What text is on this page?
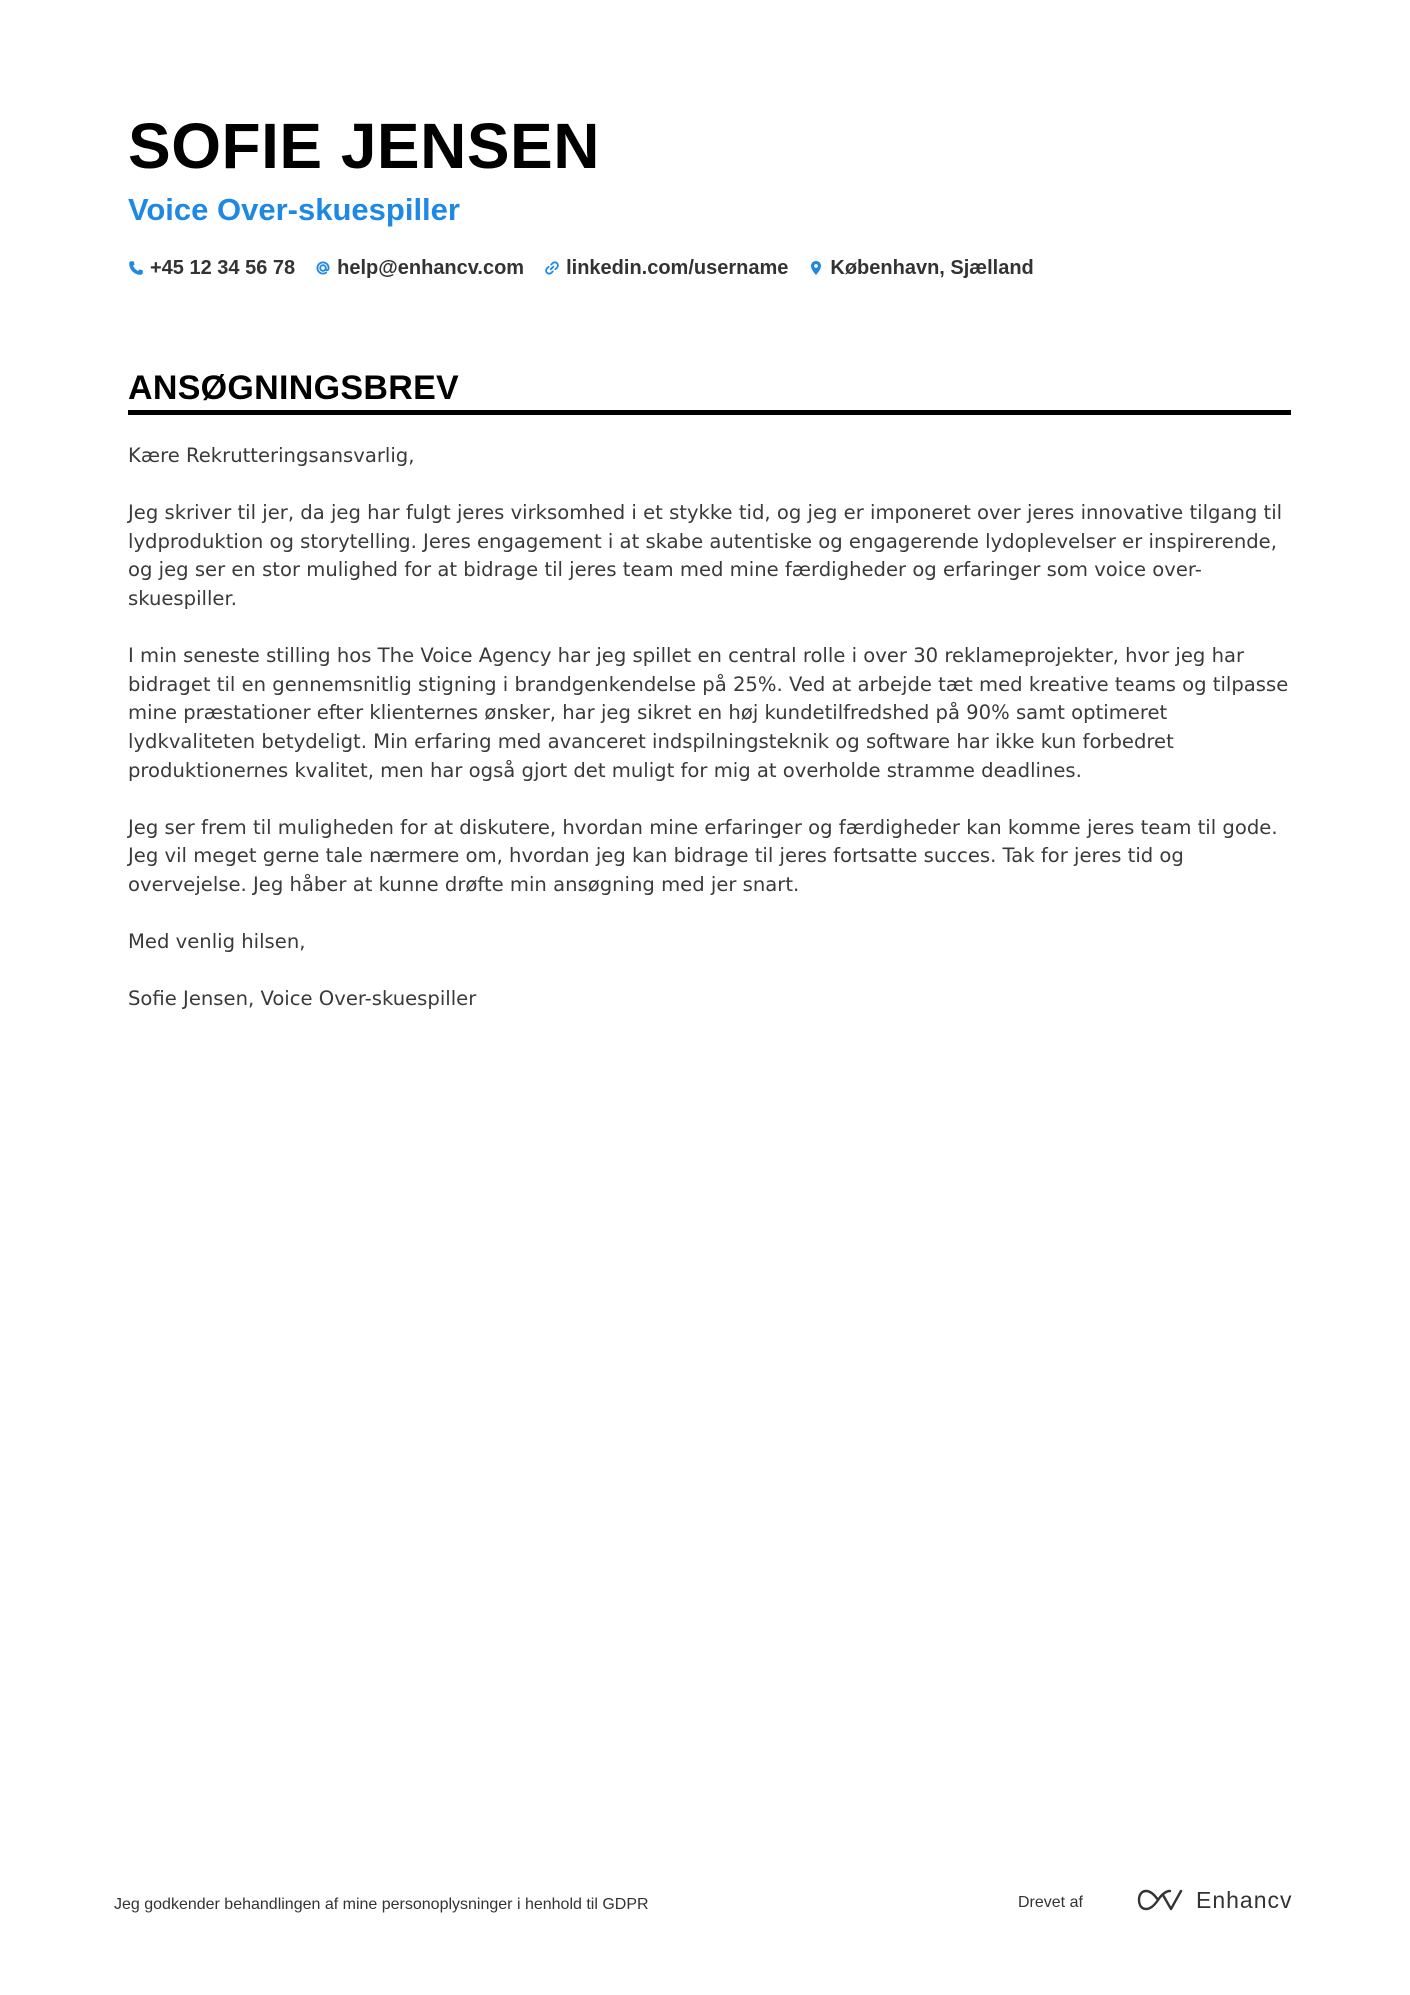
SOFIE JENSEN
Voice Over-skuespiller
+45 12 34 56 78 help@enhancv.com linkedin.com/username København, Sjælland
ANSØGNINGSBREV

Kære Rekrutteringsansvarlig,

Jeg skriver til jer, da jeg har fulgt jeres virksomhed i et stykke tid, og jeg er imponeret over jeres innovative tilgang til lydproduktion og storytelling. Jeres engagement i at skabe autentiske og engagerende lydoplevelser er inspirerende, og jeg ser en stor mulighed for at bidrage til jeres team med mine færdigheder og erfaringer som voice over-skuespiller.

I min seneste stilling hos The Voice Agency har jeg spillet en central rolle i over 30 reklameprojekter, hvor jeg har bidraget til en gennemsnitlig stigning i brandgenkendelse på 25%. Ved at arbejde tæt med kreative teams og tilpasse mine præstationer efter klienternes ønsker, har jeg sikret en høj kundetilfredshed på 90% samt optimeret lydkvaliteten betydeligt. Min erfaring med avanceret indspilningsteknik og software har ikke kun forbedret produktionernes kvalitet, men har også gjort det muligt for mig at overholde stramme deadlines.

Jeg ser frem til muligheden for at diskutere, hvordan mine erfaringer og færdigheder kan komme jeres team til gode. Jeg vil meget gerne tale nærmere om, hvordan jeg kan bidrage til jeres fortsatte succes. Tak for jeres tid og overvejelse. Jeg håber at kunne drøfte min ansøgning med jer snart.

Med venlig hilsen,

Sofie Jensen, Voice Over-skuespiller

Jeg godkender behandlingen af mine personoplysninger i henhold til GDPR	Drevet af	Enhancv
